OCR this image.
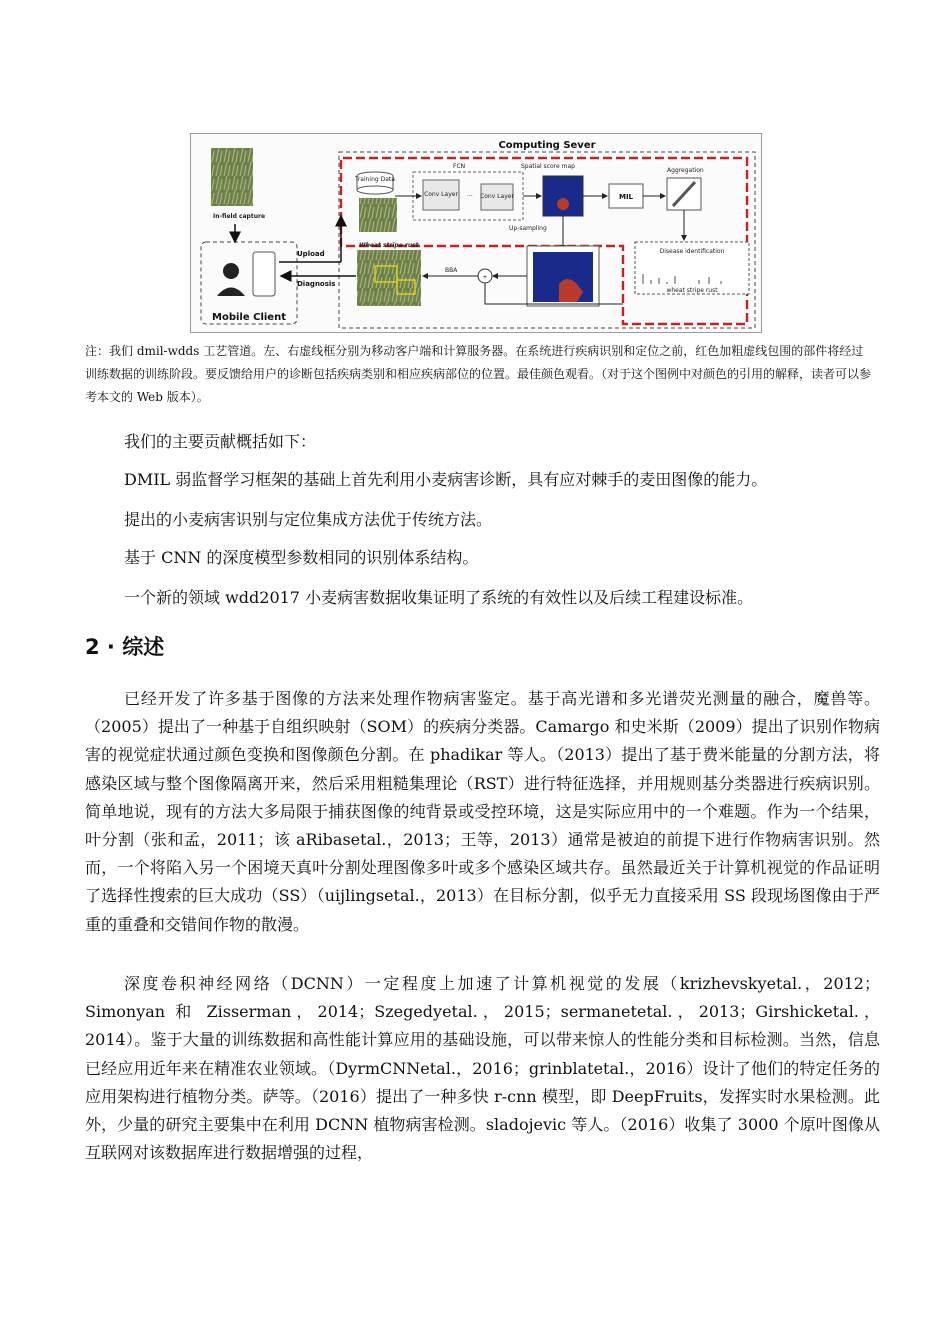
Computing Sever
Mobile Client
In-field capture
Upload
Diagnosis
Training Data
FCN
Conv Layer ··· Conv Layer
Spatial score map
Up-sampling
MIL
Aggregation
Disease identification
wheat stripe rust
+
BBA
Wheat stripe rust
注：我们 dmil-wdds 工艺管道。左、右虚线框分别为移动客户端和计算服务器。在系统进行疾病识别和定位之前，红色加粗虚线包围的部件将经过训练数据的训练阶段。要反馈给用户的诊断包括疾病类别和相应疾病部位的位置。最佳颜色观看。（对于这个图例中对颜色的引用的解释，读者可以参考本文的 Web 版本）。
我们的主要贡献概括如下：
DMIL 弱监督学习框架的基础上首先利用小麦病害诊断，具有应对棘手的麦田图像的能力。
提出的小麦病害识别与定位集成方法优于传统方法。
基于 CNN 的深度模型参数相同的识别体系结构。
一个新的领域 wdd2017 小麦病害数据收集证明了系统的有效性以及后续工程建设标准。
2 · 综述

已经开发了许多基于图像的方法来处理作物病害鉴定。基于高光谱和多光谱荧光测量的融合，魔兽等。（2005）提出了一种基于自组织映射（SOM）的疾病分类器。Camargo 和史米斯（2009）提出了识别作物病害的视觉症状通过颜色变换和图像颜色分割。在 phadikar 等人。（2013）提出了基于费米能量的分割方法，将感染区域与整个图像隔离开来，然后采用粗糙集理论（RST）进行特征选择，并用规则基分类器进行疾病识别。简单地说，现有的方法大多局限于捕获图像的纯背景或受控环境，这是实际应用中的一个难题。作为一个结果，叶分割（张和孟，2011；该 aRibasetal.，2013；王等，2013）通常是被迫的前提下进行作物病害识别。然而，一个将陷入另一个困境天真叶分割处理图像多叶或多个感染区域共存。虽然最近关于计算机视觉的作品证明了选择性搜索的巨大成功（SS）（uijlingsetal.，2013）在目标分割，似乎无力直接采用 SS 段现场图像由于严重的重叠和交错间作物的散漫。

深度卷积神经网络（DCNN）一定程度上加速了计算机视觉的发展（krizhevskyetal.，2012；Simonyan 和 Zisserman，2014；Szegedyetal.，2015；sermanetetal.，2013；Girshicketal.，2014）。鉴于大量的训练数据和高性能计算应用的基础设施，可以带来惊人的性能分类和目标检测。当然，信息已经应用近年来在精准农业领域。（DyrmCNNetal.，2016；grinblatetal.，2016）设计了他们的特定任务的应用架构进行植物分类。萨等。（2016）提出了一种多快 r-cnn 模型，即 DeepFruits，发挥实时水果检测。此外，少量的研究主要集中在利用 DCNN 植物病害检测。sladojevic 等人。（2016）收集了 3000 个原叶图像从互联网对该数据库进行数据增强的过程，
